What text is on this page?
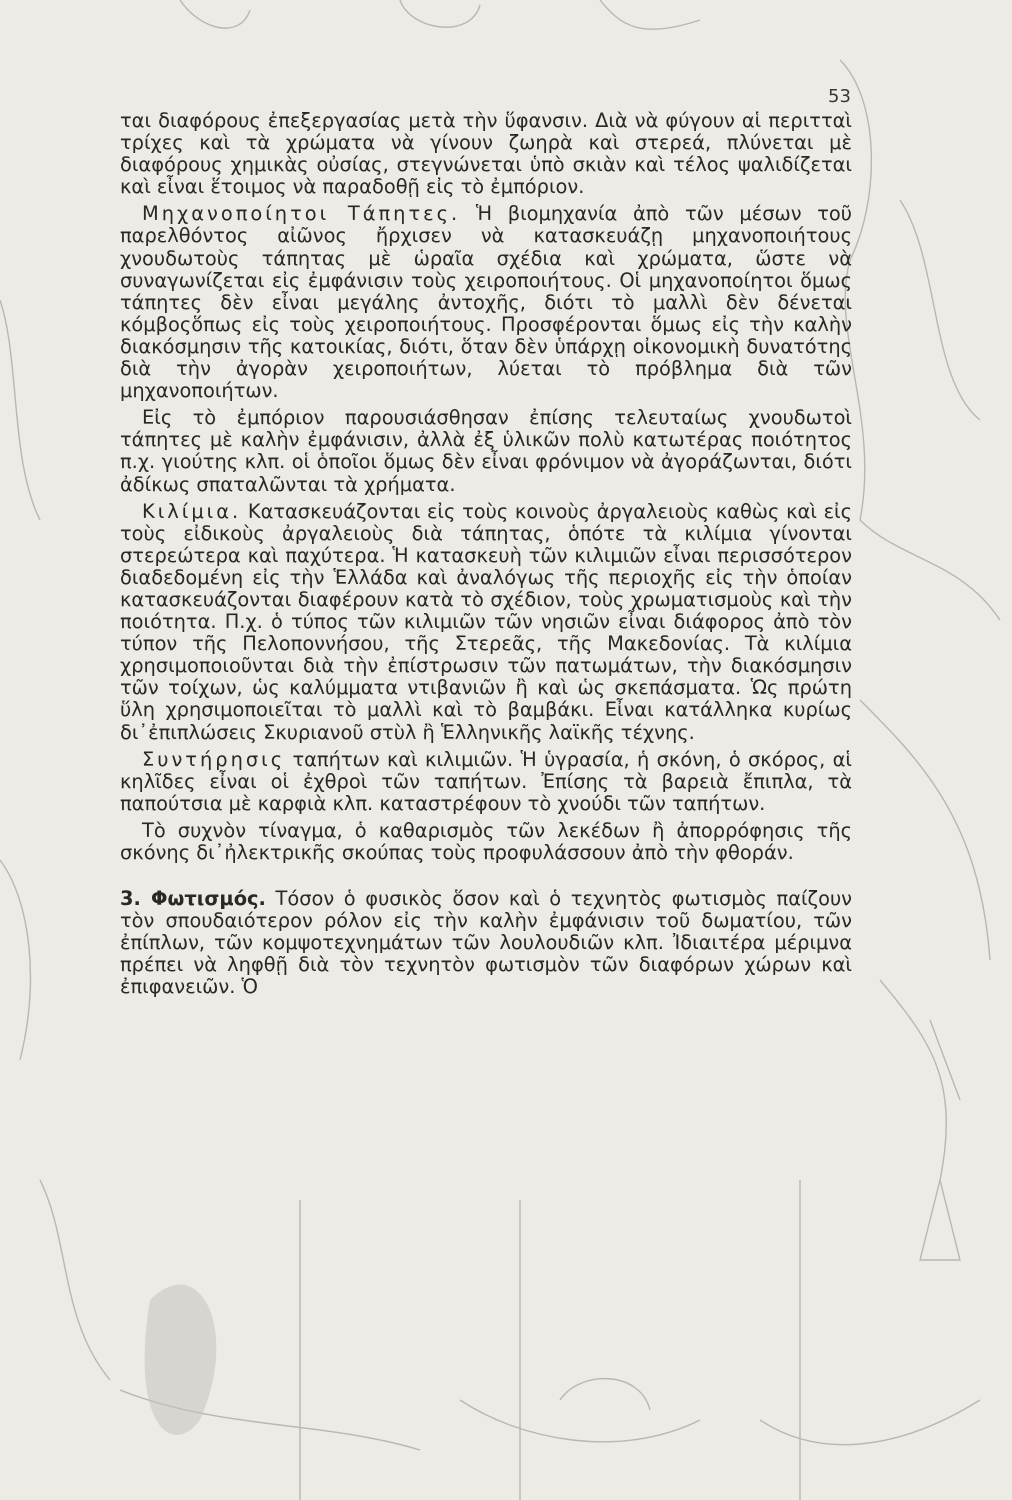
53

ται διαφόρους ἐπεξεργασίας μετὰ τὴν ὕφανσιν. Διὰ νὰ φύγουν αἱ περιτταὶ τρίχες καὶ τὰ χρώματα νὰ γίνουν ζωηρὰ καὶ στερεά, πλύνεται μὲ διαφόρους χημικὰς οὐσίας, στεγνώνεται ὑπὸ σκιὰν καὶ τέλος ψαλιδίζεται καὶ εἶναι ἕτοιμος νὰ παραδοθῇ εἰς τὸ ἐμπόριον.

Μηχανοποίητοι Τάπητες. Ἡ βιομηχανία ἀπὸ τῶν μέσων τοῦ παρελθόντος αἰῶνος ἤρχισεν νὰ κατασκευάζῃ μηχανοποιήτους χνουδωτοὺς τάπητας μὲ ὡραῖα σχέδια καὶ χρώματα, ὥστε νὰ συναγωνίζεται εἰς ἐμφάνισιν τοὺς χειροποιήτους. Οἱ μηχανοποίητοι ὅμως τάπητες δὲν εἶναι μεγάλης ἀντοχῆς, διότι τὸ μαλλὶ δὲν δένεται κόμβοςὅπως εἰς τοὺς χειροποιήτους. Προσφέρονται ὅμως εἰς τὴν καλὴν διακόσμησιν τῆς κατοικίας, διότι, ὅταν δὲν ὑπάρχῃ οἰκονομικὴ δυνατότης διὰ τὴν ἀγορὰν χειροποιήτων, λύεται τὸ πρόβλημα διὰ τῶν μηχανοποιήτων.

Εἰς τὸ ἐμπόριον παρουσιάσθησαν ἐπίσης τελευταίως χνουδωτοὶ τάπητες μὲ καλὴν ἐμφάνισιν, ἀλλὰ ἐξ ὑλικῶν πολὺ κατωτέρας ποιότητος π.χ. γιούτης κλπ. οἱ ὁποῖοι ὅμως δὲν εἶναι φρόνιμον νὰ ἀγοράζωνται, διότι ἀδίκως σπαταλῶνται τὰ χρήματα.

Κιλίμια. Κατασκευάζονται εἰς τοὺς κοινοὺς ἀργαλειοὺς καθὼς καὶ εἰς τοὺς εἰδικοὺς ἀργαλειοὺς διὰ τάπητας, ὁπότε τὰ κιλίμια γίνονται στερεώτερα καὶ παχύτερα. Ἡ κατασκευὴ τῶν κιλιμιῶν εἶναι περισσότερον διαδεδομένη εἰς τὴν Ἑλλάδα καὶ ἀναλόγως τῆς περιοχῆς εἰς τὴν ὁποίαν κατασκευάζονται διαφέρουν κατὰ τὸ σχέδιον, τοὺς χρωματισμοὺς καὶ τὴν ποιότητα. Π.χ. ὁ τύπος τῶν κιλιμιῶν τῶν νησιῶν εἶναι διάφορος ἀπὸ τὸν τύπον τῆς Πελοποννήσου, τῆς Στερεᾶς, τῆς Μακεδονίας. Τὰ κιλίμια χρησιμοποιοῦνται διὰ τὴν ἐπίστρωσιν τῶν πατωμάτων, τὴν διακόσμησιν τῶν τοίχων, ὡς καλύμματα ντιβανιῶν ἢ καὶ ὡς σκεπάσματα. Ὡς πρώτη ὕλη χρησιμοποιεῖται τὸ μαλλὶ καὶ τὸ βαμβάκι. Εἶναι κατάλληκα κυρίως δι᾽ἐπιπλώσεις Σκυριανοῦ στὺλ ἢ Ἑλληνικῆς λαϊκῆς τέχνης.

Συντήρησις ταπήτων καὶ κιλιμιῶν. Ἡ ὑγρασία, ἡ σκόνη, ὁ σκόρος, αἱ κηλῖδες εἶναι οἱ ἐχθροὶ τῶν ταπήτων. Ἐπίσης τὰ βαρειὰ ἔπιπλα, τὰ παπούτσια μὲ καρφιὰ κλπ. καταστρέφουν τὸ χνούδι τῶν ταπήτων.

Τὸ συχνὸν τίναγμα, ὁ καθαρισμὸς τῶν λεκέδων ἢ ἀπορρόφησις τῆς σκόνης δι᾽ἠλεκτρικῆς σκούπας τοὺς προφυλάσσουν ἀπὸ τὴν φθοράν.

3. Φωτισμός. Τόσον ὁ φυσικὸς ὅσον καὶ ὁ τεχνητὸς φωτισμὸς παίζουν τὸν σπουδαιότερον ρόλον εἰς τὴν καλὴν ἐμφάνισιν τοῦ δωματίου, τῶν ἐπίπλων, τῶν κομψοτεχνημάτων τῶν λουλουδιῶν κλπ. Ἰδιαιτέρα μέριμνα πρέπει νὰ ληφθῇ διὰ τὸν τεχνητὸν φωτισμὸν τῶν διαφόρων χώρων καὶ ἐπιφανειῶν. Ὁ
